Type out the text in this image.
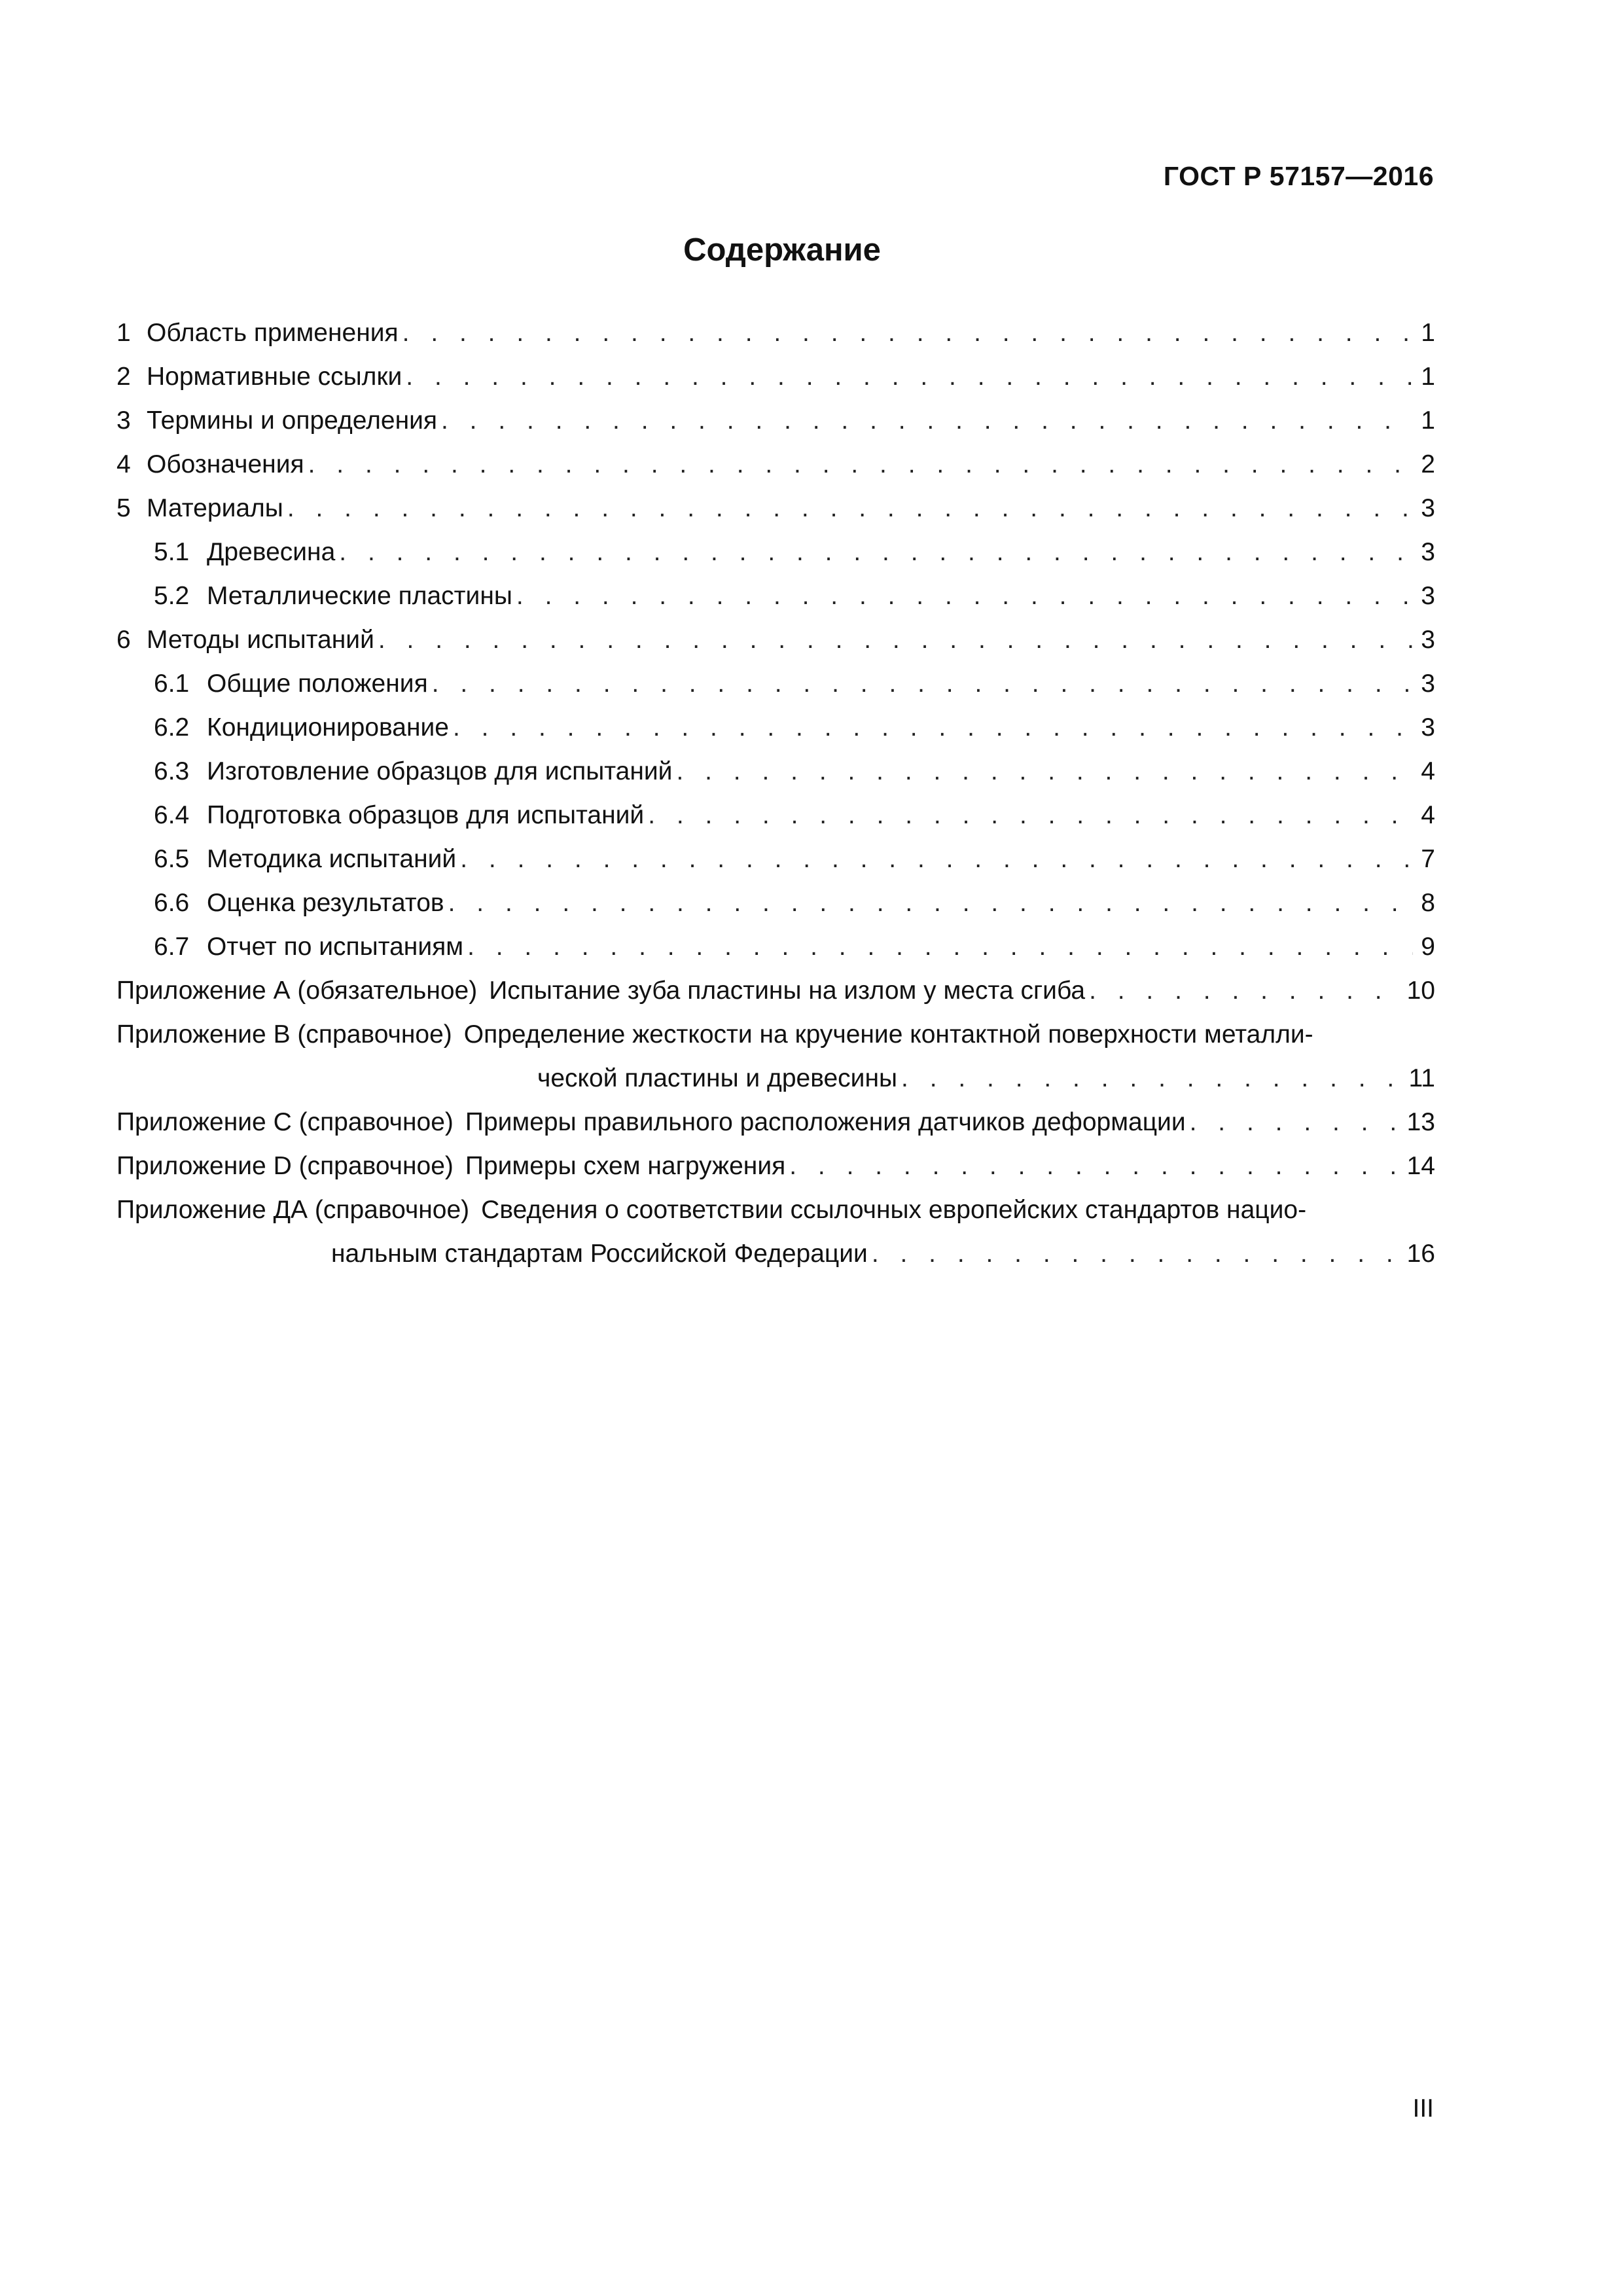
ГОСТ Р 57157—2016
Содержание
1 Область применения . . .	1
2 Нормативные ссылки . . .	1
3 Термины и определения . . .	1
4 Обозначения . . .	2
5 Материалы . . .	3
5.1 Древесина . . .	3
5.2 Металлические пластины . . .	3
6 Методы испытаний . . .	3
6.1 Общие положения . . .	3
6.2 Кондиционирование . . .	3
6.3 Изготовление образцов для испытаний . . .	4
6.4 Подготовка образцов для испытаний . . .	4
6.5 Методика испытаний . . .	7
6.6 Оценка результатов . . .	8
6.7 Отчет по испытаниям . . .	9
Приложение А (обязательное) Испытание зуба пластины на излом у места сгиба . . .	10
Приложение В (справочное) Определение жесткости на кручение контактной поверхности металли-
ческой пластины и древесины . . .	11
Приложение С (справочное) Примеры правильного расположения датчиков деформации . . .	13
Приложение D (справочное) Примеры схем нагружения . . .	14
Приложение ДА (справочное) Сведения о соответствии ссылочных европейских стандартов нацио-
нальным стандартам Российской Федерации . . .	16
III
